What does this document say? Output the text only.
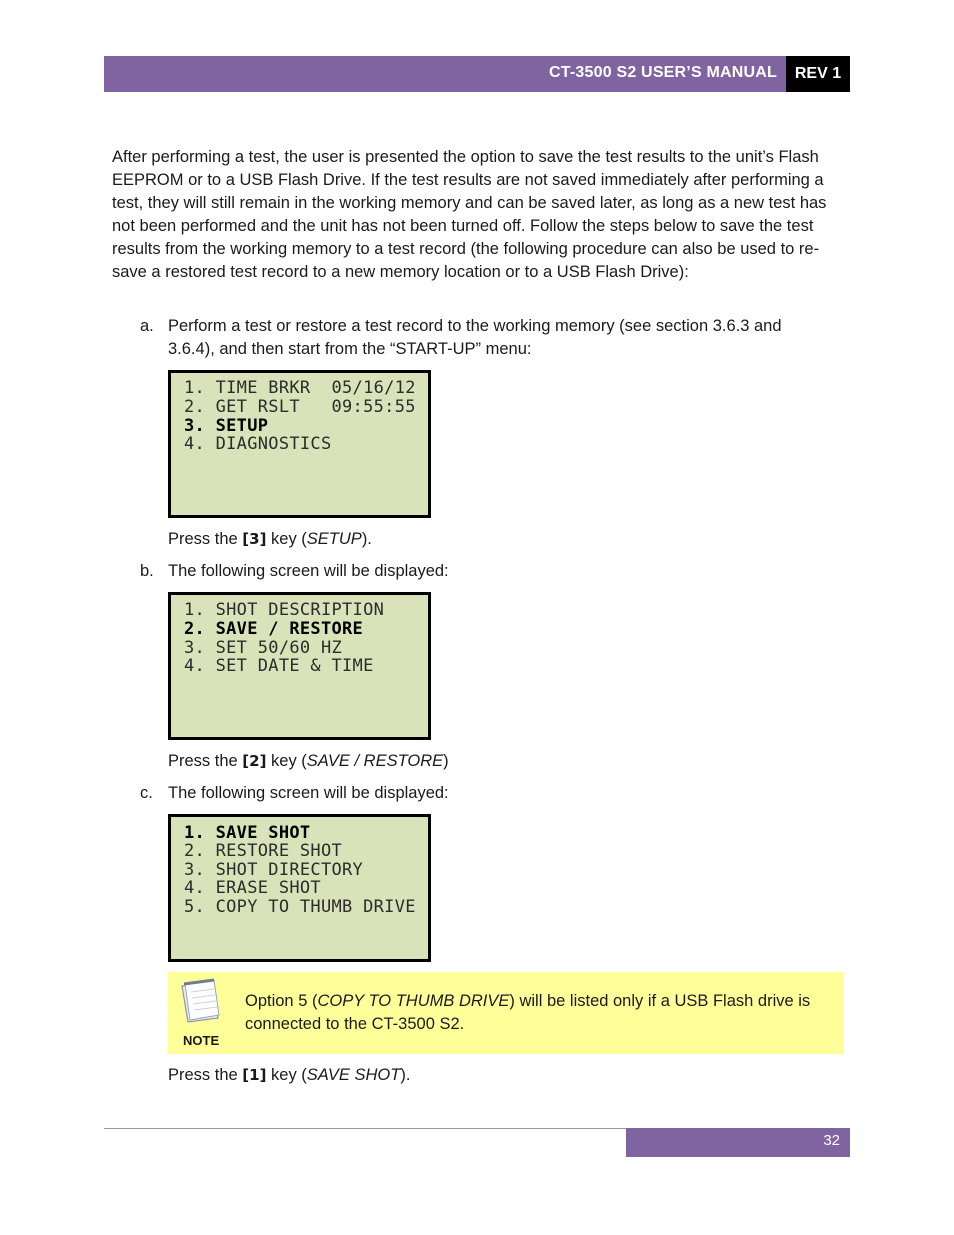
CT-3500 S2 USER’S MANUAL	REV 1
After performing a test, the user is presented the option to save the test results to the unit’s Flash EEPROM or to a USB Flash Drive. If the test results are not saved immediately after performing a test, they will still remain in the working memory and can be saved later, as long as a new test has not been performed and the unit has not been turned off. Follow the steps below to save the test results from the working memory to a test record (the following procedure can also be used to re-save a restored test record to a new memory location or to a USB Flash Drive):
a. Perform a test or restore a test record to the working memory (see section 3.6.3 and 3.6.4), and then start from the “START-UP” menu:
1. TIME BRKR  05/16/12
2. GET RSLT   09:55:55
3. SETUP
4. DIAGNOSTICS
Press the [3] key (SETUP).
b. The following screen will be displayed:
1. SHOT DESCRIPTION
2. SAVE / RESTORE
3. SET 50/60 HZ
4. SET DATE & TIME
Press the [2] key (SAVE / RESTORE)
c. The following screen will be displayed:
1. SAVE SHOT
2. RESTORE SHOT
3. SHOT DIRECTORY
4. ERASE SHOT
5. COPY TO THUMB DRIVE
NOTE
Option 5 (COPY TO THUMB DRIVE) will be listed only if a USB Flash drive is connected to the CT-3500 S2.
Press the [1] key (SAVE SHOT).
32
